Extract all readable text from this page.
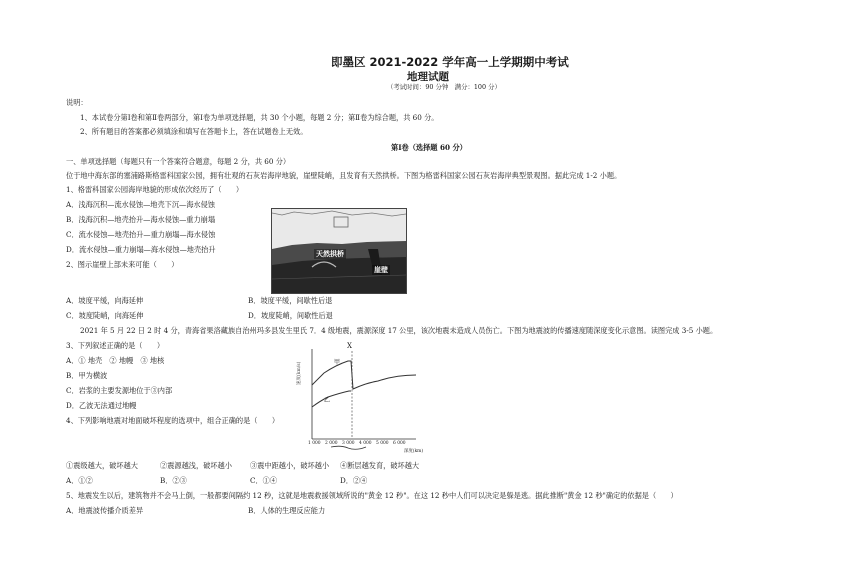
即墨区 2021-2022 学年高一上学期期中考试
地理试题
（考试时间：90 分钟　满分：100 分）
说明：
1、本试卷分第Ⅰ卷和第Ⅱ卷两部分，第Ⅰ卷为单项选择题，共 30 个小题，每题 2 分；第Ⅱ卷为综合题，共 60 分。
2、所有题目的答案都必须填涂和填写在答题卡上，答在试题卷上无效。
第Ⅰ卷（选择题 60 分）
一、单项选择题（每题只有一个答案符合题意，每题 2 分，共 60 分）
位于地中海东部的塞浦路斯格雷科国家公园，拥有壮观的石灰岩海岸地貌，崖壁陡峭，且发育有天然拱桥。下图为格雷科国家公园石灰岩海岸典型景观图。据此完成 1-2 小题。
1、格雷科国家公园海岸地貌的形成依次经历了（　　）
A．浅海沉积—流水侵蚀—地壳下沉—海水侵蚀
B．浅海沉积—地壳抬升—海水侵蚀—重力崩塌
C．流水侵蚀—地壳抬升—重力崩塌—海水侵蚀
D．流水侵蚀—重力崩塌—海水侵蚀—地壳抬升	天然拱桥
崖壁
2、图示崖壁上部未来可能（　　）
A．坡度平缓，向海延伸	B．坡度平缓，间歇性后退
C．坡度陡峭，向海延伸	D．坡度陡峭，间歇性后退
2021 年 5 月 22 日 2 时 4 分，青海省果洛藏族自治州玛多县发生里氏 7．4 级地震，震源深度 17 公里，该次地震未造成人员伤亡。下图为地震波的传播速度随深度变化示意图。读图完成 3-5 小题。
3、下列叙述正确的是（　　）
A．① 地壳　② 地幔　③ 地核
B．甲为横波
C．岩浆的主要发源地位于③内部
D．乙波无法通过地幔
速度(km/s)
X
甲
乙
1 000 2 000 3 000 4 000 5 000 6 000
深度(km)
4、下列影响地震对地面破坏程度的选项中，组合正确的是（　　）
①震级越大，破坏越大	②震源越浅，破坏越小	③震中距越小，破坏越小 ④断层越发育，破坏越大
A．①②	B．②③	C．①④	D．②④
5、地震发生以后，建筑物并不会马上倒，一般都要间隔约 12 秒，这就是地震救援领域所说的"黄金 12 秒"。在这 12 秒中人们可以决定是躲是逃。据此推断"黄金 12 秒"确定的依据是（　　）
A．地震波传播介质差异	B．人体的生理反应能力
